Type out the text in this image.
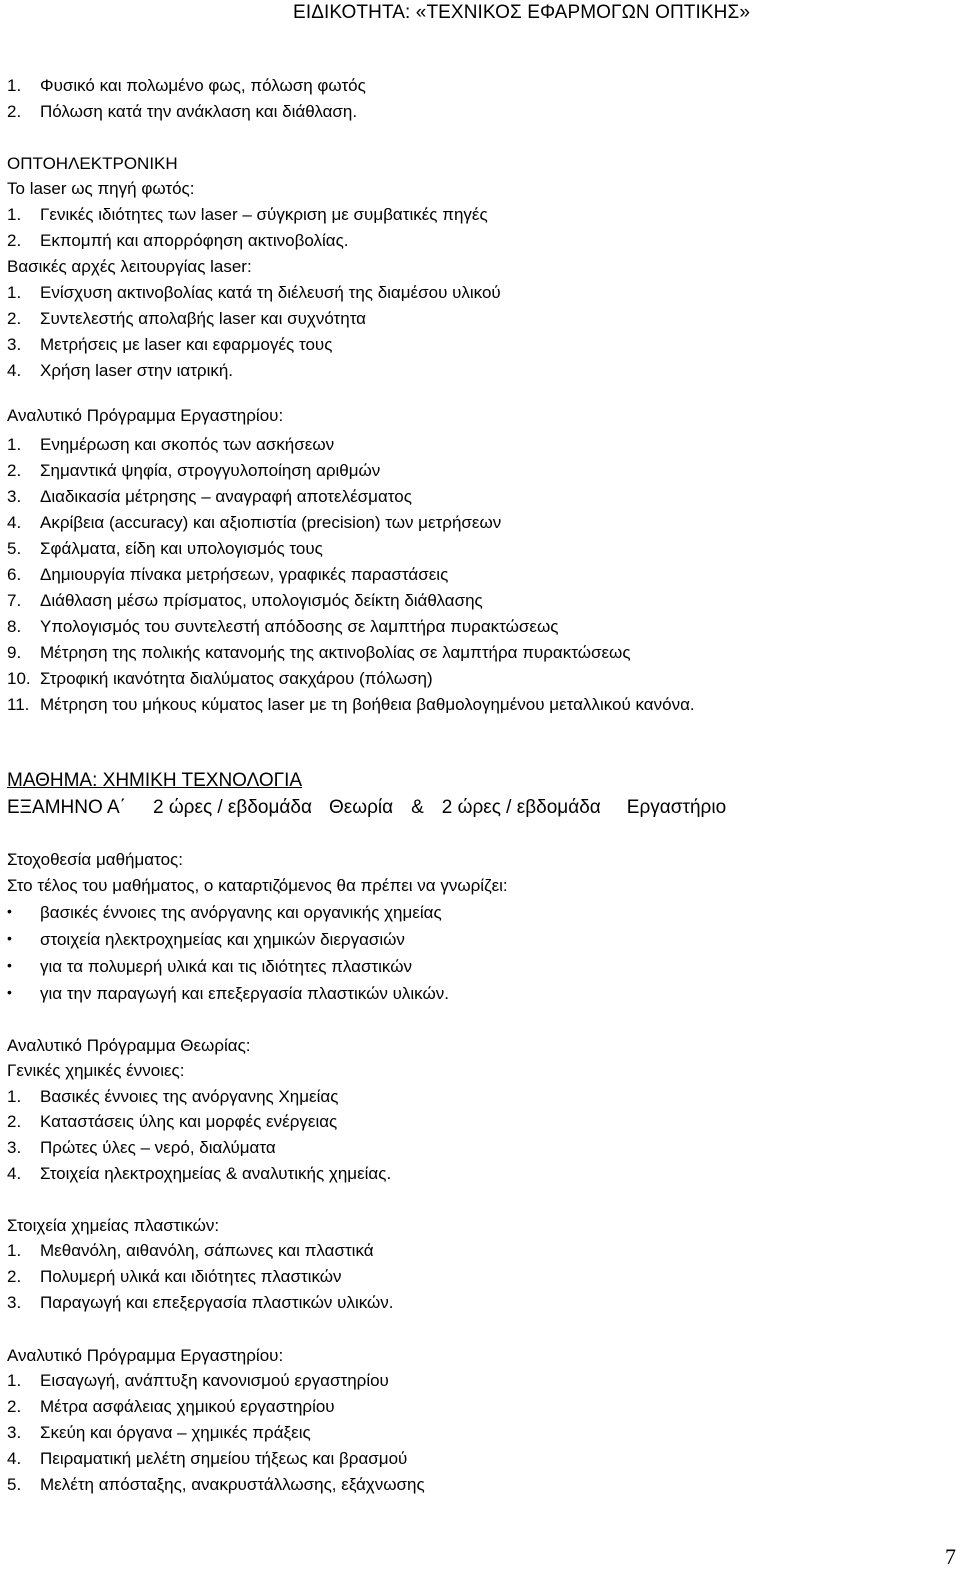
ΕΙΔΙΚΟΤΗΤΑ: «ΤΕΧΝΙΚΟΣ ΕΦΑΡΜΟΓΩΝ ΟΠΤΙΚΗΣ»
1. Φυσικό και πολωμένο φως, πόλωση φωτός
2. Πόλωση κατά την ανάκλαση και διάθλαση.
ΟΠΤΟΗΛΕΚΤΡΟΝΙΚΗ
Το laser ως πηγή φωτός:
1. Γενικές ιδιότητες των laser – σύγκριση με συμβατικές πηγές
2. Εκπομπή και απορρόφηση ακτινοβολίας.
Βασικές αρχές λειτουργίας laser:
1. Ενίσχυση ακτινοβολίας κατά τη διέλευσή της διαμέσου υλικού
2. Συντελεστής απολαβής laser και συχνότητα
3. Μετρήσεις με laser και εφαρμογές τους
4. Χρήση laser στην ιατρική.
Αναλυτικό Πρόγραμμα Εργαστηρίου:
1. Ενημέρωση και σκοπός των ασκήσεων
2. Σημαντικά ψηφία, στρογγυλοποίηση αριθμών
3. Διαδικασία μέτρησης – αναγραφή αποτελέσματος
4. Ακρίβεια (accuracy) και αξιοπιστία (precision) των μετρήσεων
5. Σφάλματα, είδη και υπολογισμός τους
6. Δημιουργία πίνακα μετρήσεων, γραφικές παραστάσεις
7. Διάθλαση μέσω πρίσματος, υπολογισμός δείκτη διάθλασης
8. Υπολογισμός του συντελεστή απόδοσης σε λαμπτήρα πυρακτώσεως
9. Μέτρηση της πολικής κατανομής της ακτινοβολίας σε λαμπτήρα πυρακτώσεως
10. Στροφική ικανότητα διαλύματος σακχάρου (πόλωση)
11. Μέτρηση του μήκους κύματος laser με τη βοήθεια βαθμολογημένου μεταλλικού κανόνα.
ΜΑΘΗΜΑ: ΧΗΜΙΚΗ ΤΕΧΝΟΛΟΓΙΑ
ΕΞΑΜΗΝΟ Α΄ 2 ώρες / εβδομάδα Θεωρία & 2 ώρες / εβδομάδα Εργαστήριο
Στοχοθεσία μαθήματος:
Στο τέλος του μαθήματος, ο καταρτιζόμενος θα πρέπει να γνωρίζει:
• βασικές έννοιες της ανόργανης και οργανικής χημείας
• στοιχεία ηλεκτροχημείας και χημικών διεργασιών
• για τα πολυμερή υλικά και τις ιδιότητες πλαστικών
• για την παραγωγή και επεξεργασία πλαστικών υλικών.
Αναλυτικό Πρόγραμμα Θεωρίας:
Γενικές χημικές έννοιες:
1. Βασικές έννοιες της ανόργανης Χημείας
2. Καταστάσεις ύλης και μορφές ενέργειας
3. Πρώτες ύλες – νερό, διαλύματα
4. Στοιχεία ηλεκτροχημείας & αναλυτικής χημείας.
Στοιχεία χημείας πλαστικών:
1. Μεθανόλη, αιθανόλη, σάπωνες και πλαστικά
2. Πολυμερή υλικά και ιδιότητες πλαστικών
3. Παραγωγή και επεξεργασία πλαστικών υλικών.
Αναλυτικό Πρόγραμμα Εργαστηρίου:
1. Εισαγωγή, ανάπτυξη κανονισμού εργαστηρίου
2. Μέτρα ασφάλειας χημικού εργαστηρίου
3. Σκεύη και όργανα – χημικές πράξεις
4. Πειραματική μελέτη σημείου τήξεως και βρασμού
5. Μελέτη απόσταξης, ανακρυστάλλωσης, εξάχνωσης
7
